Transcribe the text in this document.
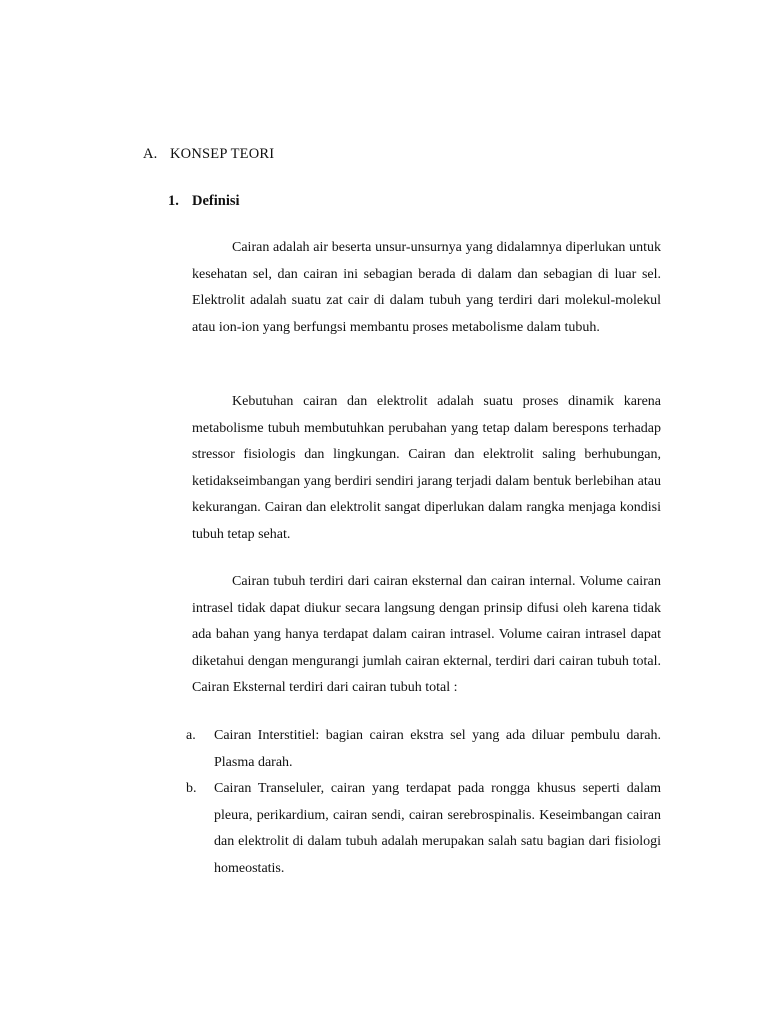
A. KONSEP TEORI
1. Definisi

Cairan adalah air beserta unsur-unsurnya yang didalamnya diperlukan untuk kesehatan sel, dan cairan ini sebagian berada di dalam dan sebagian di luar sel. Elektrolit adalah suatu zat cair di dalam tubuh yang terdiri dari molekul-molekul atau ion-ion yang berfungsi membantu proses metabolisme dalam tubuh.

Kebutuhan cairan dan elektrolit adalah suatu proses dinamik karena metabolisme tubuh membutuhkan perubahan yang tetap dalam berespons terhadap stressor fisiologis dan lingkungan. Cairan dan elektrolit saling berhubungan, ketidakseimbangan yang berdiri sendiri jarang terjadi dalam bentuk berlebihan atau kekurangan. Cairan dan elektrolit sangat diperlukan dalam rangka menjaga kondisi tubuh tetap sehat.

Cairan tubuh terdiri dari cairan eksternal dan cairan internal. Volume cairan intrasel tidak dapat diukur secara langsung dengan prinsip difusi oleh karena tidak ada bahan yang hanya terdapat dalam cairan intrasel. Volume cairan intrasel dapat diketahui dengan mengurangi jumlah cairan ekternal, terdiri dari cairan tubuh total. Cairan Eksternal terdiri dari cairan tubuh total :

a. Cairan Interstitiel: bagian cairan ekstra sel yang ada diluar pembulu darah. Plasma darah.
b. Cairan Transeluler, cairan yang terdapat pada rongga khusus seperti dalam pleura, perikardium, cairan sendi, cairan serebrospinalis. Keseimbangan cairan dan elektrolit di dalam tubuh adalah merupakan salah satu bagian dari fisiologi homeostatis.
